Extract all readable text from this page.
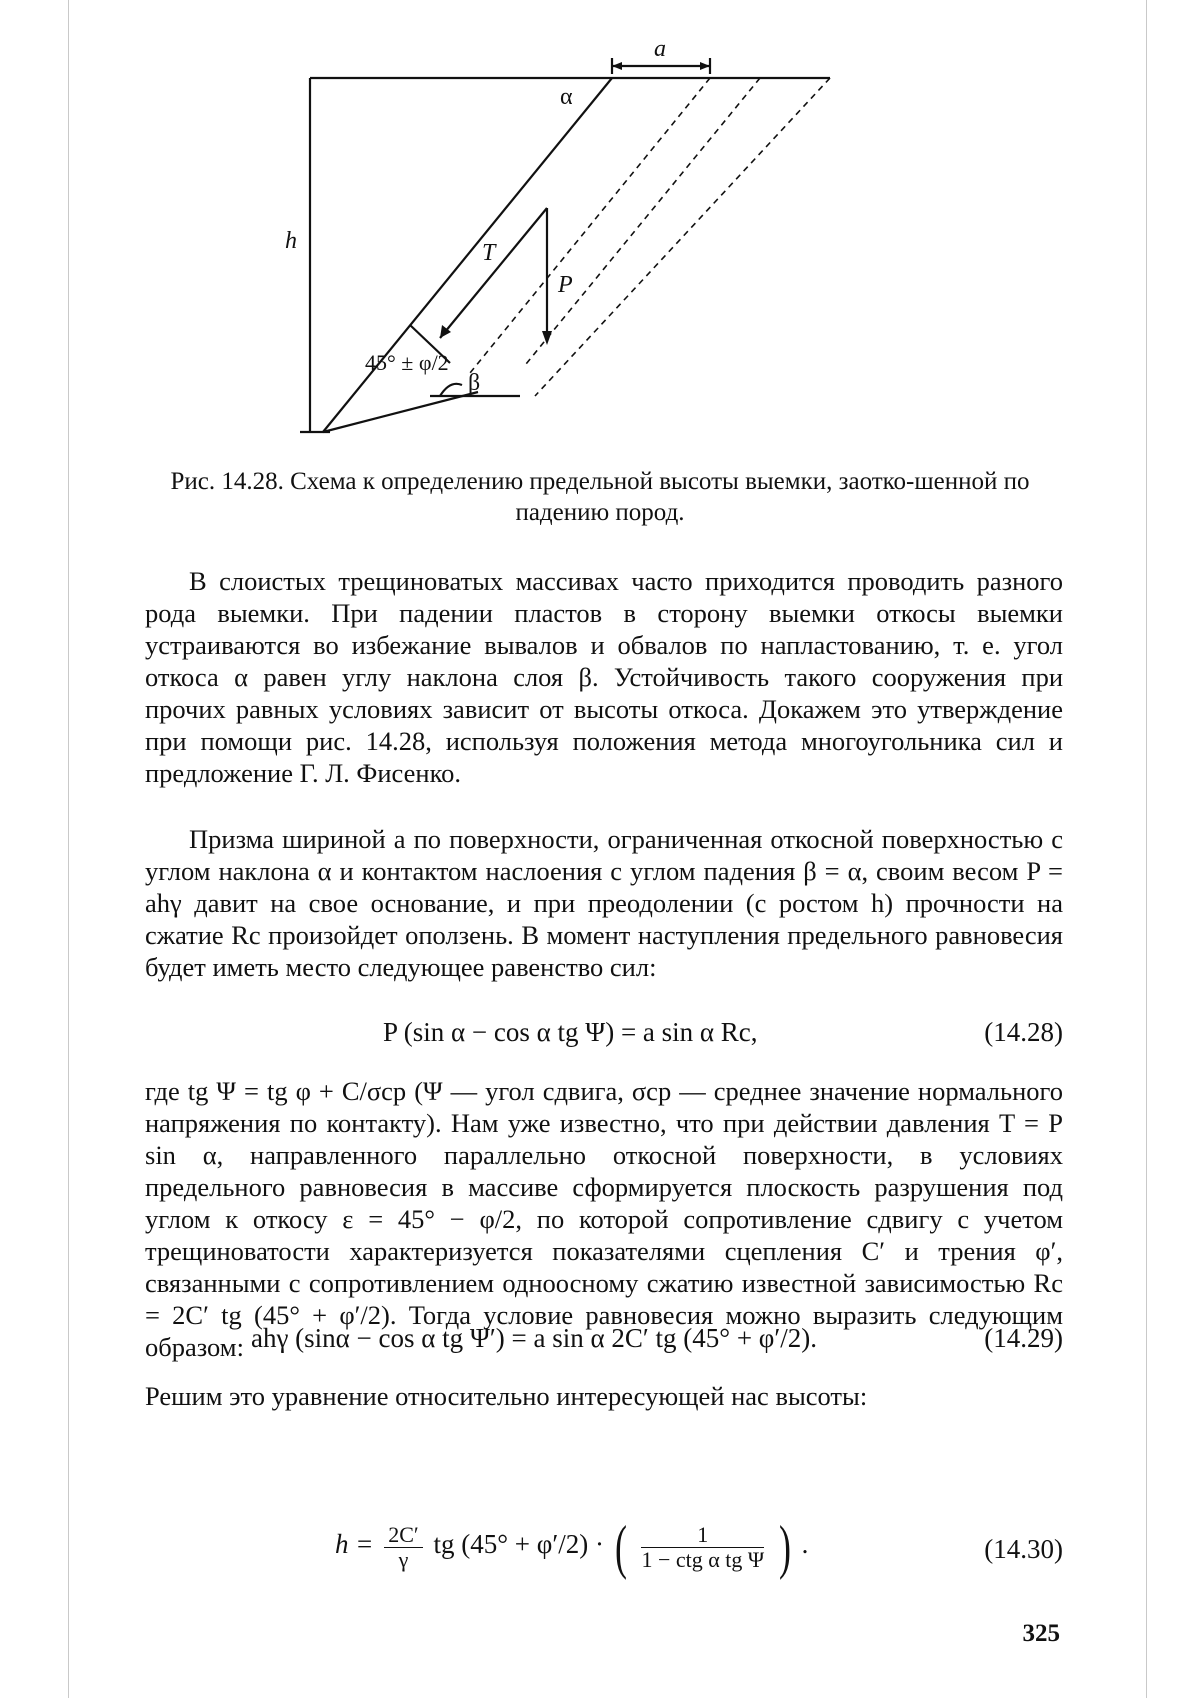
a
α
h	T
P
45° ± φ/2
β
Рис. 14.28. Схема к определению предельной высоты выемки, заотко-шенной по падению пород.

В слоистых трещиноватых массивах часто приходится проводить разного рода выемки. При падении пластов в сторону выемки откосы выемки устраиваются во избежание вывалов и обвалов по напластованию, т. е. угол откоса α равен углу наклона слоя β. Устойчивость такого сооружения при прочих равных условиях зависит от высоты откоса. Докажем это утверждение при помощи рис. 14.28, используя положения метода многоугольника сил и предложение Г. Л. Фисенко.

Призма шириной a по поверхности, ограниченная откосной поверхностью с углом наклона α и контактом наслоения с углом падения β = α, своим весом P = ahγ давит на свое основание, и при преодолении (с ростом h) прочности на сжатие Rс произойдет оползень. В момент наступления предельного равновесия будет иметь место следующее равенство сил:

P (sin α − cos α tg Ψ) = a sin α Rс,	(14.28)

где tg Ψ = tg φ + C/σср (Ψ — угол сдвига, σср — среднее значение нормального напряжения по контакту). Нам уже известно, что при действии давления T = P sin α, направленного параллельно откосной поверхности, в условиях предельного равновесия в массиве сформируется плоскость разрушения под углом к откосу ε = 45° − φ/2, по которой сопротивление сдвигу с учетом трещиноватости характеризуется показателями сцепления C′ и трения φ′, связанными с сопротивлением одноосному сжатию известной зависимостью Rс = 2C′ tg (45° + φ′/2). Тогда условие равновесия можно выразить следующим образом: ahγ (sinα − cos α tg Ψ′) = a sin α 2C′ tg (45° + φ′/2).	(14.29)

Решим это уравнение относительно интересующей нас высоты:

$h = \frac{2C'}{\gamma}$ tg (45° + φ′/2) · ( $\frac{1}{\text{1 − ctg α tg Ψ}}$ ) .	(14.30)
325
